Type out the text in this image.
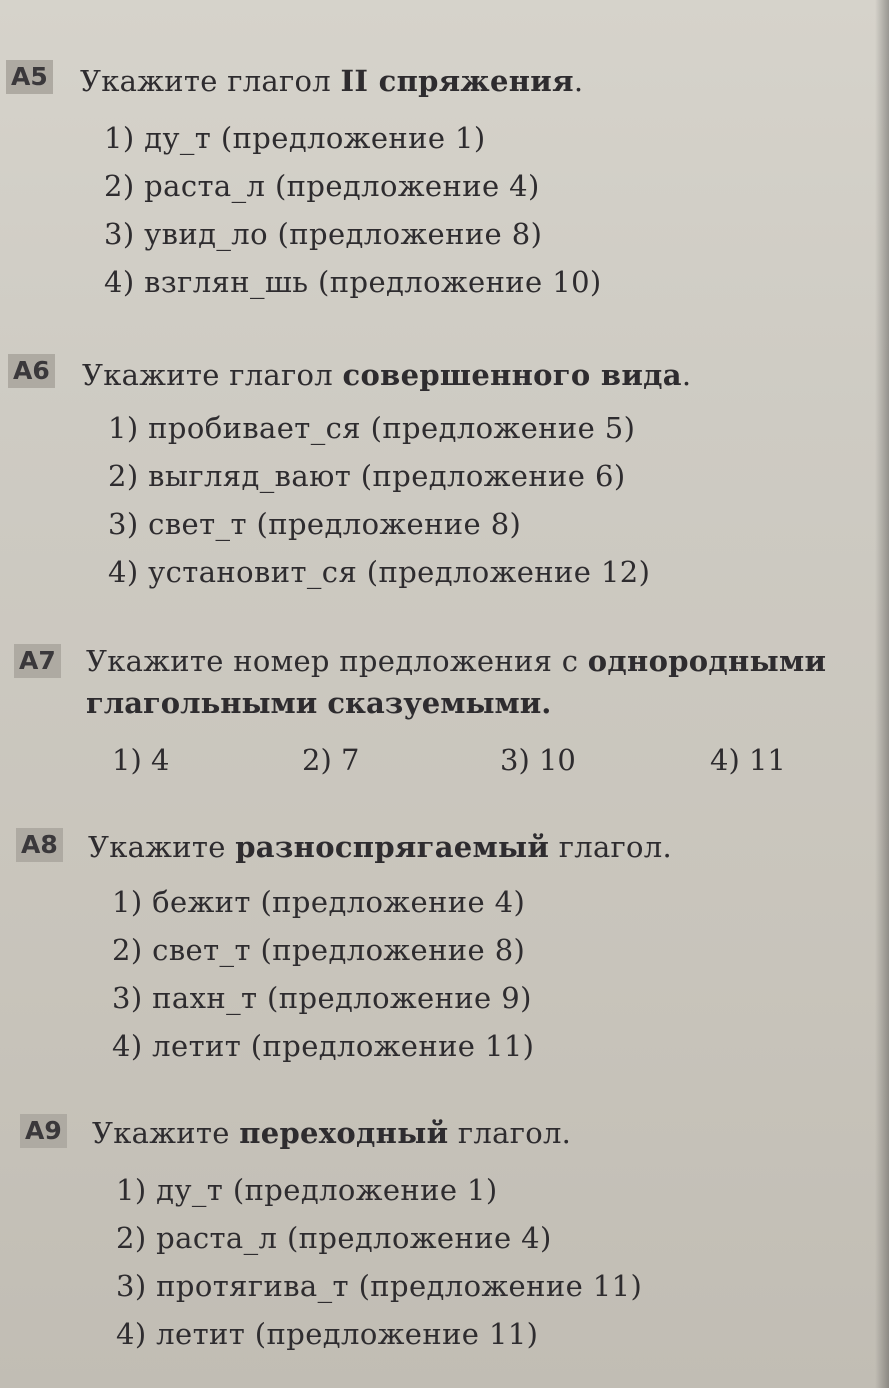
А5 Укажите глагол II спряжения.
1) ду_т (предложение 1)
2) раста_л (предложение 4)
3) увид_ло (предложение 8)
4) взглян_шь (предложение 10)
А6 Укажите глагол совершенного вида.
1) пробивает_ся (предложение 5)
2) выгляд_вают (предложение 6)
3) свет_т (предложение 8)
4) установит_ся (предложение 12)
А7 Укажите номер предложения с однородными
глагольными сказуемыми.
1) 4	2) 7	3) 10	4) 11
А8 Укажите разноспрягаемый глагол.
1) бежит (предложение 4)
2) свет_т (предложение 8)
3) пахн_т (предложение 9)
4) летит (предложение 11)
А9 Укажите переходный глагол.
1) ду_т (предложение 1)
2) раста_л (предложение 4)
3) протягива_т (предложение 11)
4) летит (предложение 11)
